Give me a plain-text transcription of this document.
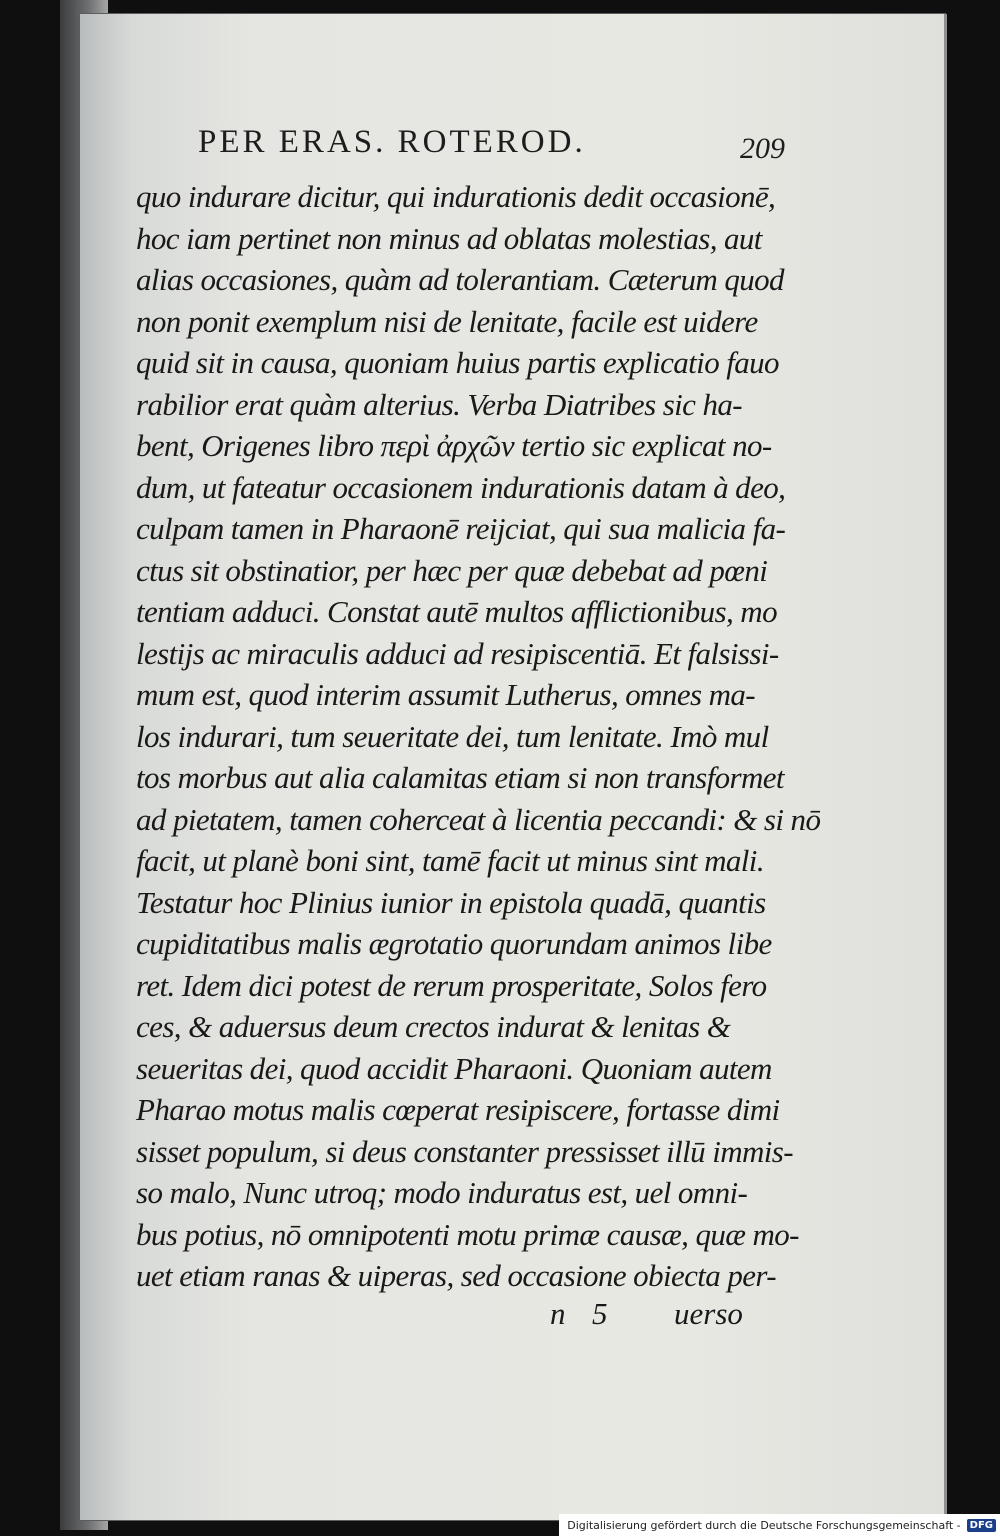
PER ERAS. ROTEROD.	209
quo indurare dicitur, qui indurationis dedit occasionē,
hoc iam pertinet non minus ad oblatas molestias, aut
alias occasiones, quàm ad tolerantiam. Cæterum quod
non ponit exemplum nisi de lenitate, facile est uidere
quid sit in causa, quoniam huius partis explicatio fauo
rabilior erat quàm alterius. Verba Diatribes sic ha-
bent, Origenes libro περὶ ἀρχῶν tertio sic explicat no-
dum, ut fateatur occasionem indurationis datam à deo,
culpam tamen in Pharaonē reijciat, qui sua malicia fa-
ctus sit obstinatior, per hæc per quæ debebat ad pœni
tentiam adduci. Constat autē multos afflictionibus, mo
lestijs ac miraculis adduci ad resipiscentiā. Et falsissi-
mum est, quod interim assumit Lutherus, omnes ma-
los indurari, tum seueritate dei, tum lenitate. Imò mul
tos morbus aut alia calamitas etiam si non transformet
ad pietatem, tamen coherceat à licentia peccandi: & si nō
facit, ut planè boni sint, tamē facit ut minus sint mali.
Testatur hoc Plinius iunior in epistola quadā, quantis
cupiditatibus malis ægrotatio quorundam animos libe
ret. Idem dici potest de rerum prosperitate, Solos fero
ces, & aduersus deum crectos indurat & lenitas &
seueritas dei, quod accidit Pharaoni. Quoniam autem
Pharao motus malis cœperat resipiscere, fortasse dimi
sisset populum, si deus constanter pressisset illū immis-
so malo, Nunc utroq; modo induratus est, uel omni-
bus potius, nō omnipotenti motu primæ causæ, quæ mo-
uet etiam ranas & uiperas, sed occasione obiecta per-
n 5 uerso
Digitalisierung gefördert durch die Deutsche Forschungsgemeinschaft - DFG
